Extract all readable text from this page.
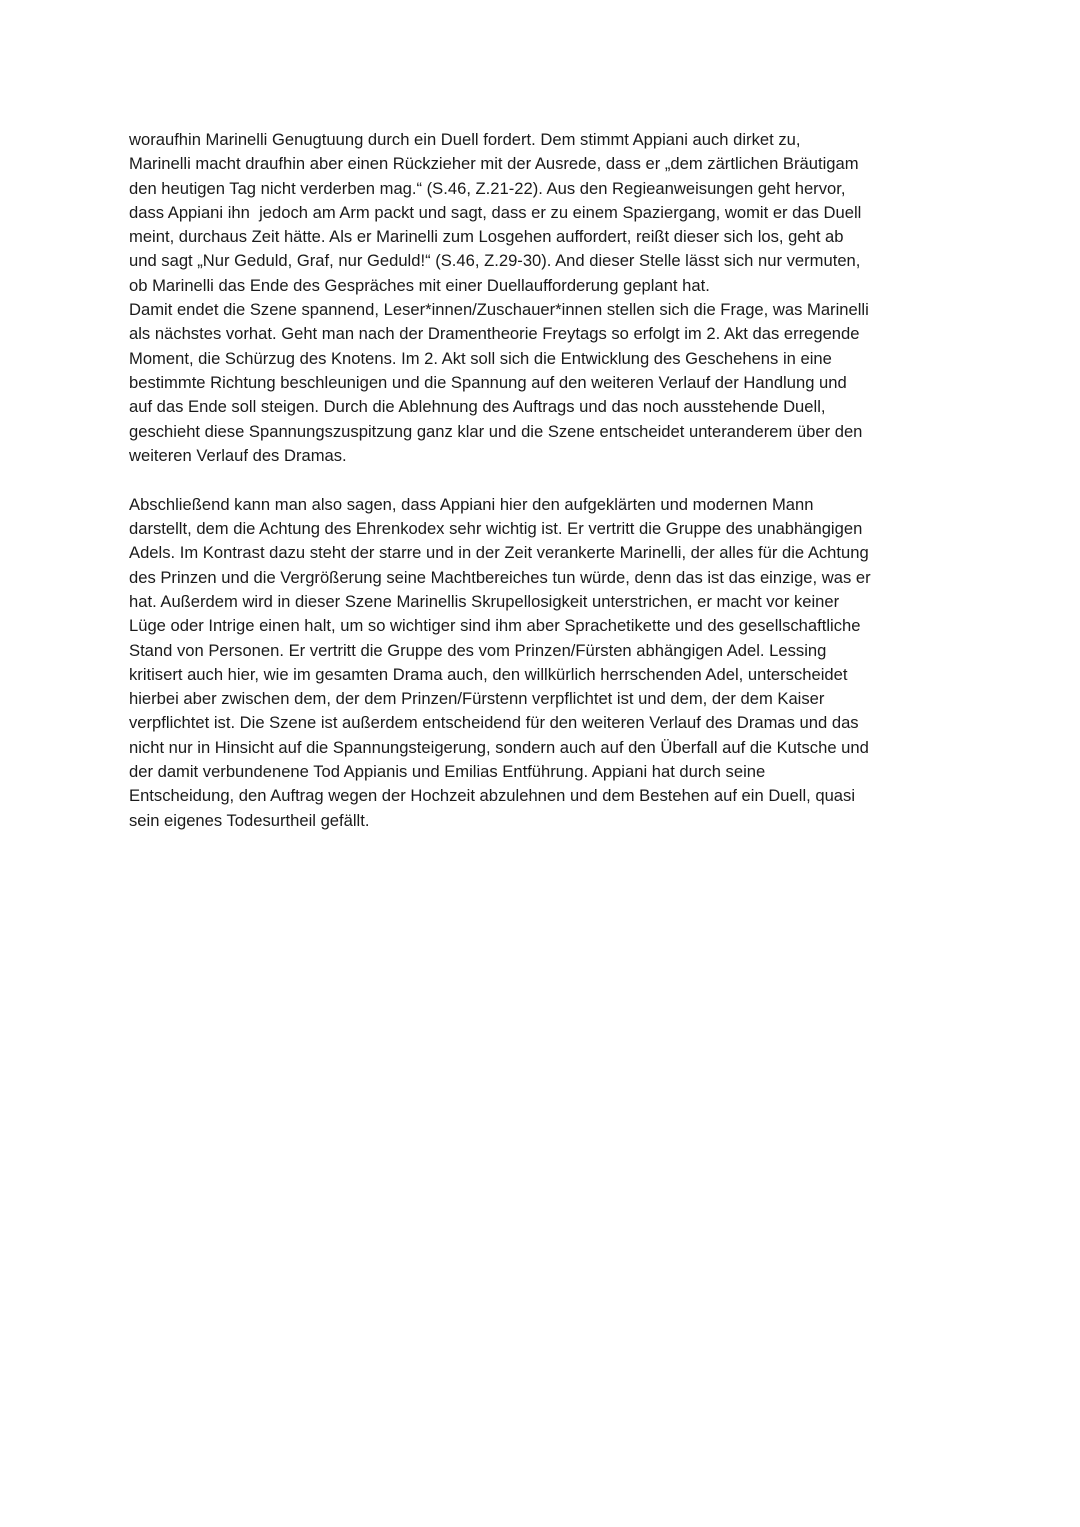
woraufhin Marinelli Genugtuung durch ein Duell fordert. Dem stimmt Appiani auch dirket zu,
Marinelli macht draufhin aber einen Rückzieher mit der Ausrede, dass er „dem zärtlichen Bräutigam
den heutigen Tag nicht verderben mag.“ (S.46, Z.21-22). Aus den Regieanweisungen geht hervor,
dass Appiani ihn  jedoch am Arm packt und sagt, dass er zu einem Spaziergang, womit er das Duell
meint, durchaus Zeit hätte. Als er Marinelli zum Losgehen auffordert, reißt dieser sich los, geht ab
und sagt „Nur Geduld, Graf, nur Geduld!“ (S.46, Z.29-30). And dieser Stelle lässt sich nur vermuten,
ob Marinelli das Ende des Gespräches mit einer Duellaufforderung geplant hat.
Damit endet die Szene spannend, Leser*innen/Zuschauer*innen stellen sich die Frage, was Marinelli
als nächstes vorhat. Geht man nach der Dramentheorie Freytags so erfolgt im 2. Akt das erregende
Moment, die Schürzug des Knotens. Im 2. Akt soll sich die Entwicklung des Geschehens in eine
bestimmte Richtung beschleunigen und die Spannung auf den weiteren Verlauf der Handlung und
auf das Ende soll steigen. Durch die Ablehnung des Auftrags und das noch ausstehende Duell,
geschieht diese Spannungszuspitzung ganz klar und die Szene entscheidet unteranderem über den
weiteren Verlauf des Dramas.
Abschließend kann man also sagen, dass Appiani hier den aufgeklärten und modernen Mann
darstellt, dem die Achtung des Ehrenkodex sehr wichtig ist. Er vertritt die Gruppe des unabhängigen
Adels. Im Kontrast dazu steht der starre und in der Zeit verankerte Marinelli, der alles für die Achtung
des Prinzen und die Vergrößerung seine Machtbereiches tun würde, denn das ist das einzige, was er
hat. Außerdem wird in dieser Szene Marinellis Skrupellosigkeit unterstrichen, er macht vor keiner
Lüge oder Intrige einen halt, um so wichtiger sind ihm aber Sprachetikette und des gesellschaftliche
Stand von Personen. Er vertritt die Gruppe des vom Prinzen/Fürsten abhängigen Adel. Lessing
kritisert auch hier, wie im gesamten Drama auch, den willkürlich herrschenden Adel, unterscheidet
hierbei aber zwischen dem, der dem Prinzen/Fürstenn verpflichtet ist und dem, der dem Kaiser
verpflichtet ist. Die Szene ist außerdem entscheidend für den weiteren Verlauf des Dramas und das
nicht nur in Hinsicht auf die Spannungsteigerung, sondern auch auf den Überfall auf die Kutsche und
der damit verbundenene Tod Appianis und Emilias Entführung. Appiani hat durch seine
Entscheidung, den Auftrag wegen der Hochzeit abzulehnen und dem Bestehen auf ein Duell, quasi
sein eigenes Todesurtheil gefällt.
